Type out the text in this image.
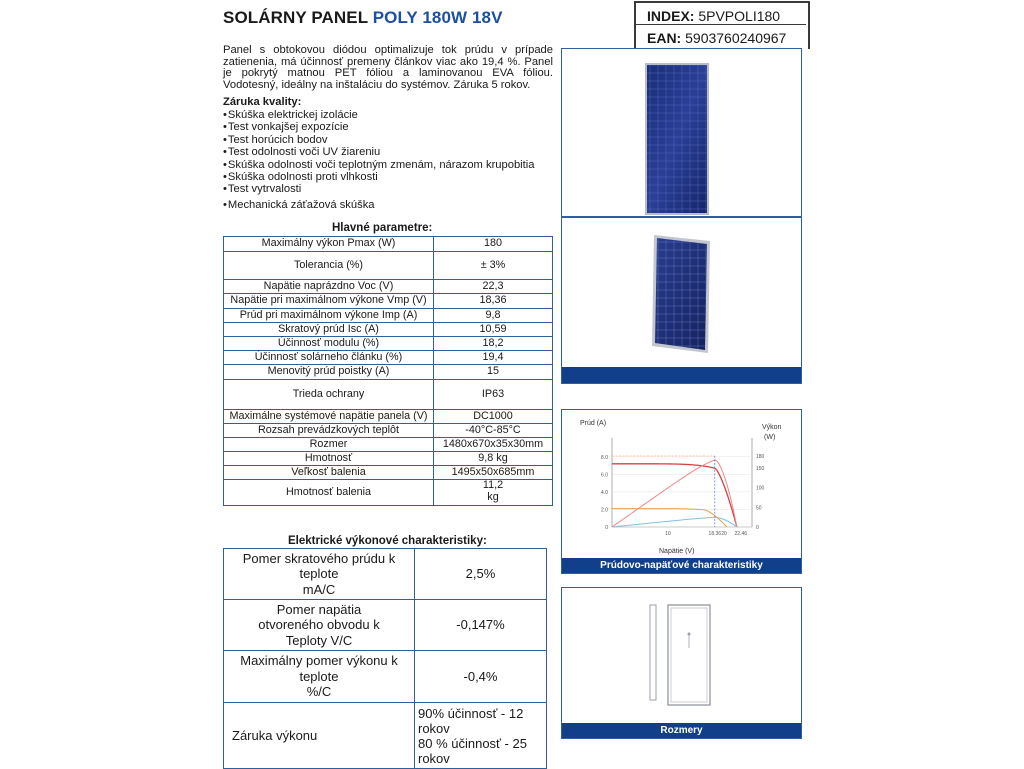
SOLÁRNY PANEL POLY 180W 18V	INDEX: 5PVPOLI180
EAN: 5903760240967
Panel s obtokovou diódou optimalizuje tok prúdu v prípade zatienenia, má účinnosť premeny článkov viac ako 19,4 %. Panel je pokrytý matnou PET fóliou a laminovanou EVA fóliou. Vodotesný, ideálny na inštaláciu do systémov. Záruka 5 rokov.
Záruka kvality:
• Skúška elektrickej izolácie
• Test vonkajšej expozície
• Test horúcich bodov
• Test odolnosti voči UV žiareniu
• Skúška odolnosti voči teplotným zmenám, nárazom krupobitia
• Skúška odolnosti proti vlhkosti
• Test vytrvalosti
• Mechanická záťažová skúška
Hlavné parametre:
Maximálny výkon Pmax (W)	180
Tolerancia (%)	± 3%
Napätie naprázdno Voc (V)	22,3
Napätie pri maximálnom výkone Vmp (V)	18,36
Prúd pri maximálnom výkone Imp (A)	9,8
Skratový prúd Isc (A)	10,59
Účinnosť modulu (%)	18,2
Účinnosť solárneho článku (%)	19,4
Menovitý prúd poistky (A)	15
Trieda ochrany	IP63
Maximálne systémové napätie panela (V)	DC1000
Rozsah prevádzkových teplôt	-40°C-85°C
Rozmer	1480x670x35x30mm
Hmotnosť	9,8 kg
Veľkosť balenia	1495x50x685mm
Hmotnosť balenia	11,2
kg
Elektrické výkonové charakteristiky:
Pomer skratového prúdu k
teplote
mA/C	2,5%
Pomer napätia
otvoreného obvodu k
Teploty V/C	-0,147%
Maximálny pomer výkonu k
teplote
%/C	-0,4%
Záruka výkonu	90% účinnosť - 12
rokov
80 % účinnosť - 25
rokov
Prúd (A)
Výkon
(W)
Napätie (V)
0
2.0
4.0
6.0
8.0
0
50
100
150
180
10	18.36 20 22.46
Prúdovo-napäťové charakteristiky
Rozmery
